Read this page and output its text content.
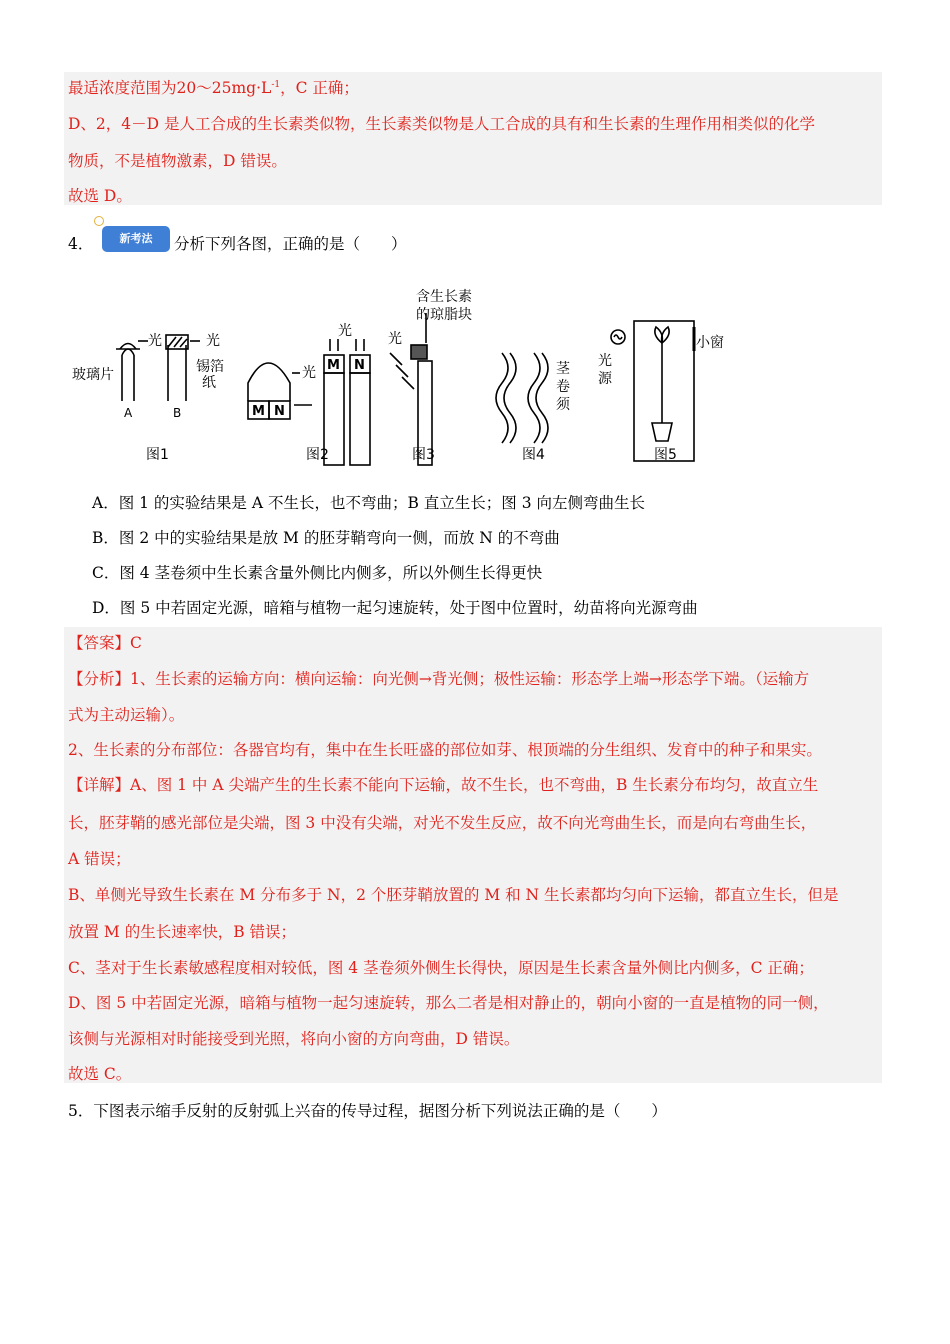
最适浓度范围为$20\sim 25mg\cdot L^{-1}$，C 正确；
D、2，4－D 是人工合成的生长素类似物，生长素类似物是人工合成的具有和生长素的生理作用相类似的化学
物质，不是植物激素，D 错误。
故选 D。
4．	新考法	分析下列各图，正确的是（　　）
光	光
玻璃片	锡箔
纸
A	B
图1
光
光
M N
M N
图2
含生长素
的琼脂块
光
图3
茎
卷
须
图4
光
源
小窗
图5
A．图 1 的实验结果是 A 不生长，也不弯曲；B 直立生长；图 3 向左侧弯曲生长
B．图 2 中的实验结果是放 M 的胚芽鞘弯向一侧，而放 N 的不弯曲
C．图 4 茎卷须中生长素含量外侧比内侧多，所以外侧生长得更快
D．图 5 中若固定光源，暗箱与植物一起匀速旋转，处于图中位置时，幼苗将向光源弯曲
【答案】C
【分析】1、生长素的运输方向：横向运输：向光侧→背光侧；极性运输：形态学上端→形态学下端。（运输方
式为主动运输）。
2、生长素的分布部位：各器官均有，集中在生长旺盛的部位如芽、根顶端的分生组织、发育中的种子和果实。
【详解】A、图 1 中 A 尖端产生的生长素不能向下运输，故不生长，也不弯曲，B 生长素分布均匀，故直立生
长，胚芽鞘的感光部位是尖端，图 3 中没有尖端，对光不发生反应，故不向光弯曲生长，而是向右弯曲生长，
A 错误；
B、单侧光导致生长素在 M 分布多于 N，2 个胚芽鞘放置的 M 和 N 生长素都均匀向下运输，都直立生长，但是
放置 M 的生长速率快，B 错误；
C、茎对于生长素敏感程度相对较低，图 4 茎卷须外侧生长得快，原因是生长素含量外侧比内侧多，C 正确；
D、图 5 中若固定光源，暗箱与植物一起匀速旋转，那么二者是相对静止的，朝向小窗的一直是植物的同一侧，
该侧与光源相对时能接受到光照，将向小窗的方向弯曲，D 错误。
故选 C。
5．下图表示缩手反射的反射弧上兴奋的传导过程，据图分析下列说法正确的是（　　）
